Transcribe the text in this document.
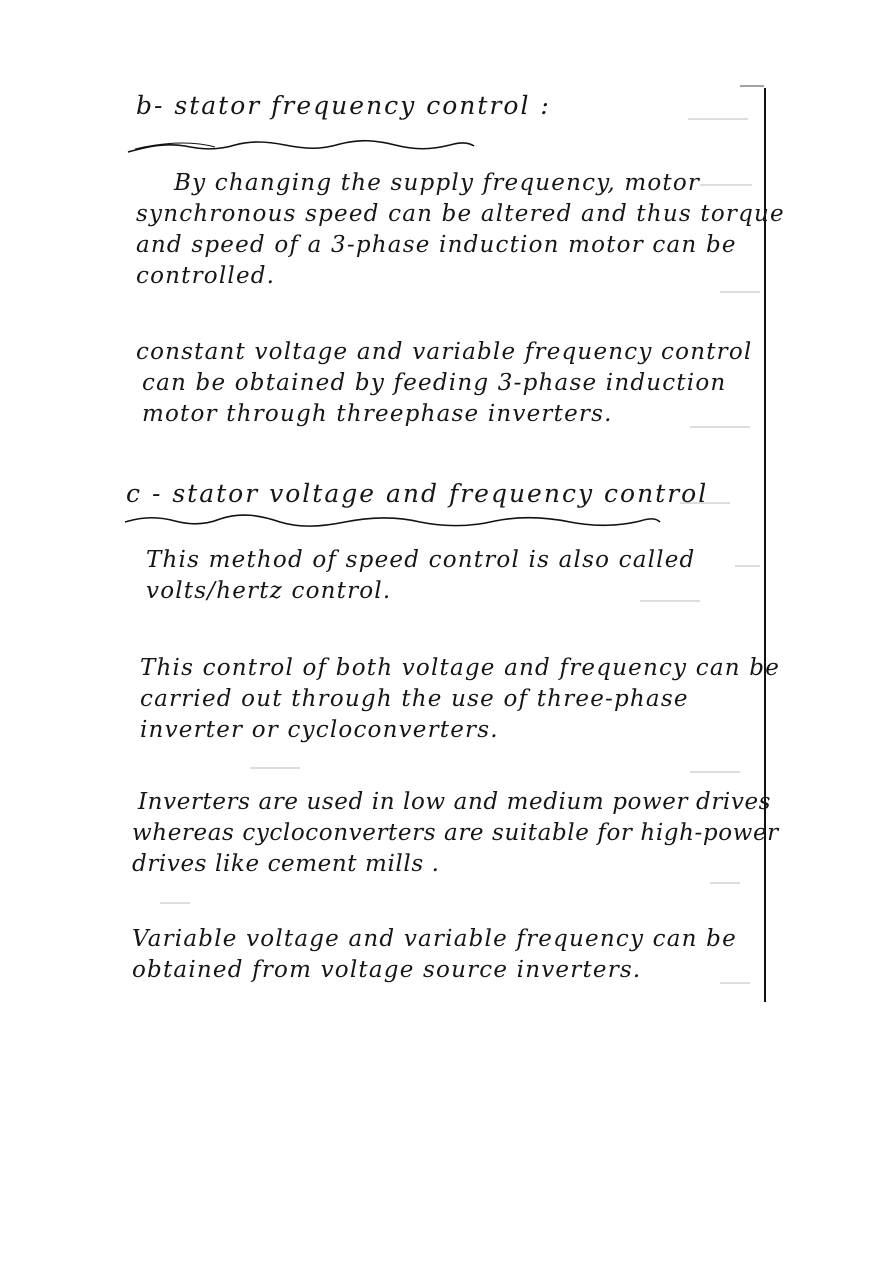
b- stator frequency control :
By changing the supply frequency, motor
synchronous speed can be altered and thus torque
and speed of a 3-phase induction motor can be
controlled.
constant voltage and variable frequency control
can be obtained by feeding 3-phase induction
motor through threephase inverters.
c - stator voltage and frequency control
This method of speed control is also called
volts/hertz control.
This control of both voltage and frequency can be
carried out through the use of three-phase
inverter or cycloconverters.
Inverters are used in low and medium power drives
whereas cycloconverters are suitable for high-power
drives like cement mills .
Variable voltage and variable frequency can be
obtained from voltage source inverters.
